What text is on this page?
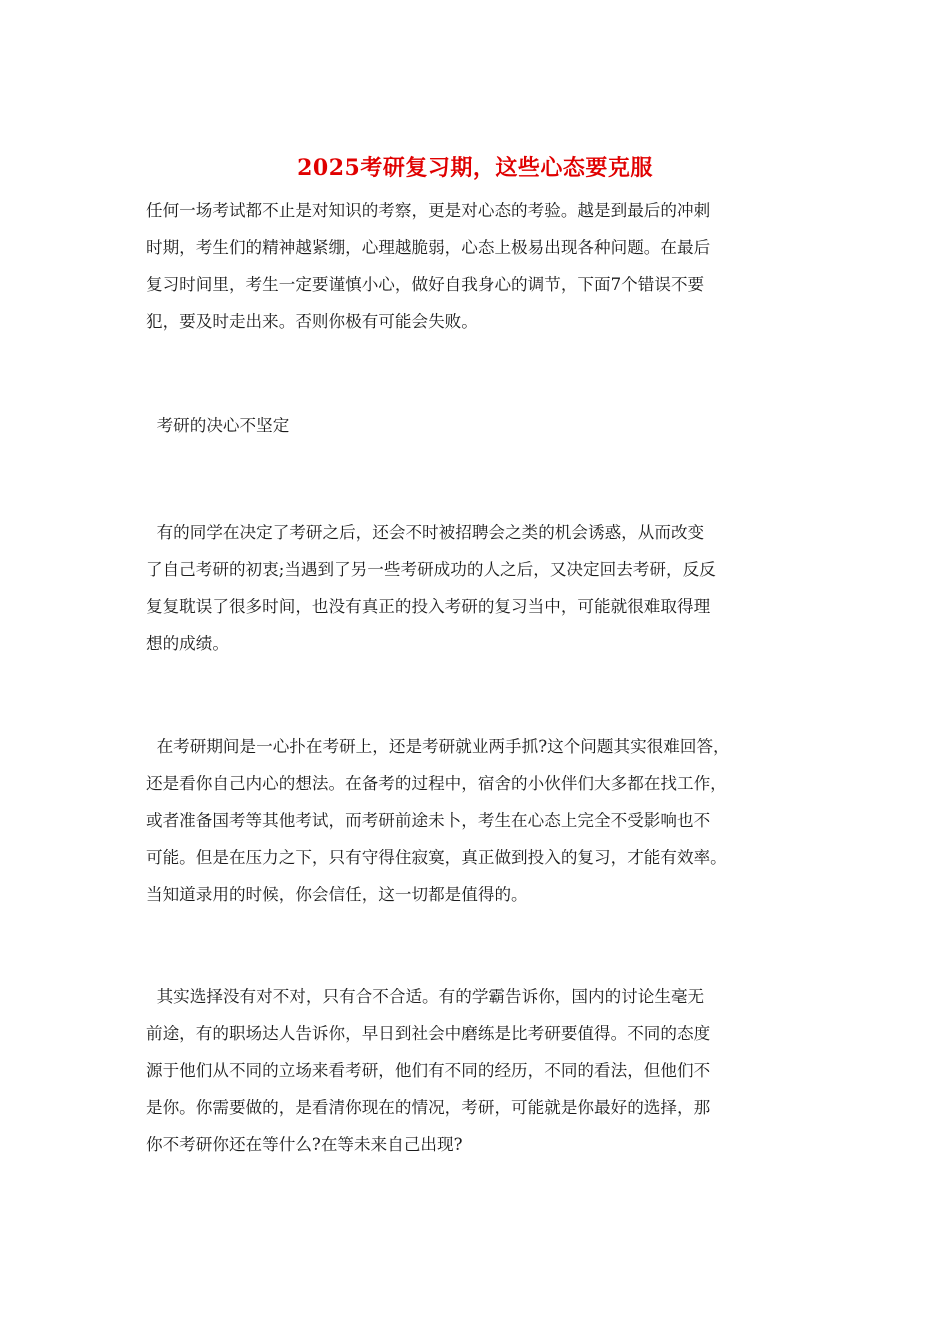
2025考研复习期，这些心态要克服
任何一场考试都不止是对知识的考察，更是对心态的考验。越是到最后的冲刺
时期，考生们的精神越紧绷，心理越脆弱，心态上极易出现各种问题。在最后
复习时间里，考生一定要谨慎小心，做好自我身心的调节，下面7个错误不要
犯，要及时走出来。否则你极有可能会失败。
考研的决心不坚定
有的同学在决定了考研之后，还会不时被招聘会之类的机会诱惑，从而改变
了自己考研的初衷;当遇到了另一些考研成功的人之后，又决定回去考研，反反
复复耽误了很多时间，也没有真正的投入考研的复习当中，可能就很难取得理
想的成绩。
在考研期间是一心扑在考研上，还是考研就业两手抓?这个问题其实很难回答，
还是看你自己内心的想法。在备考的过程中，宿舍的小伙伴们大多都在找工作，
或者准备国考等其他考试，而考研前途未卜，考生在心态上完全不受影响也不
可能。但是在压力之下，只有守得住寂寞，真正做到投入的复习，才能有效率。
当知道录用的时候，你会信任，这一切都是值得的。
其实选择没有对不对，只有合不合适。有的学霸告诉你，国内的讨论生毫无
前途，有的职场达人告诉你，早日到社会中磨练是比考研要值得。不同的态度
源于他们从不同的立场来看考研，他们有不同的经历，不同的看法，但他们不
是你。你需要做的，是看清你现在的情况，考研，可能就是你最好的选择，那
你不考研你还在等什么?在等未来自己出现?
